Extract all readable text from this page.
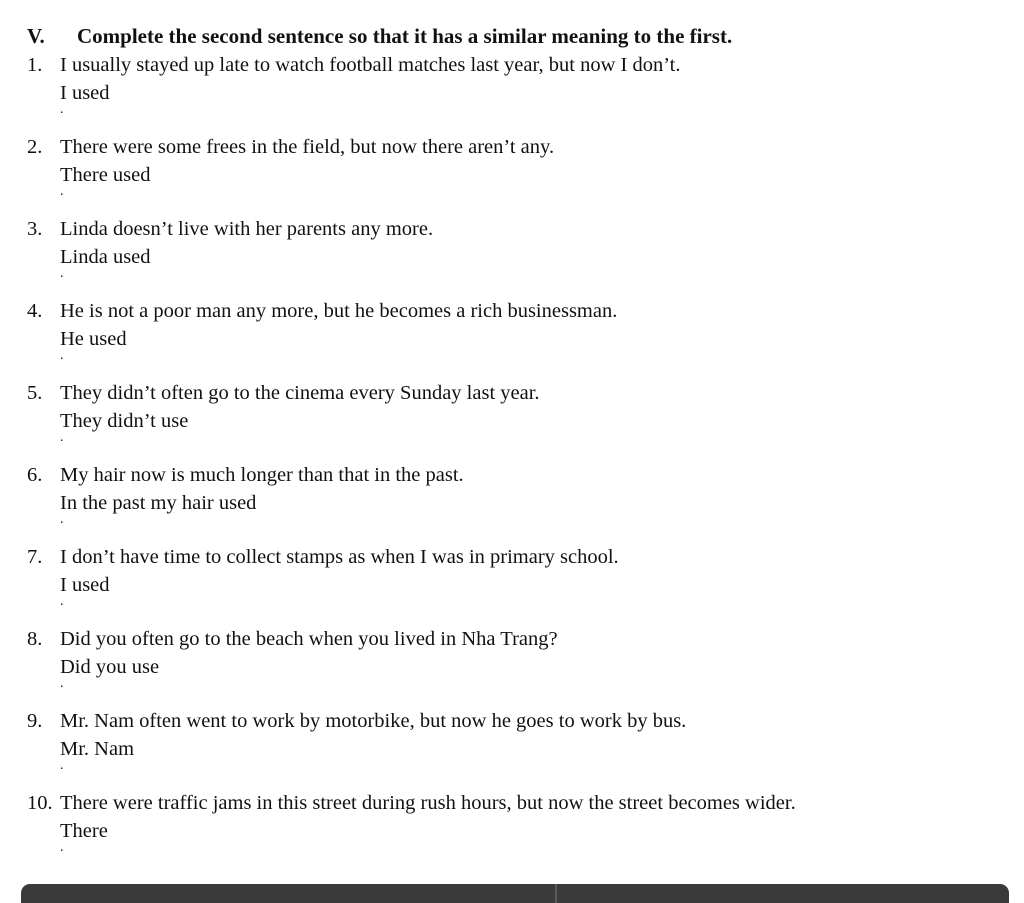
V. Complete the second sentence so that it has a similar meaning to the first.
1. I usually stayed up late to watch football matches last year, but now I don’t.
I used
.
2. There were some frees in the field, but now there aren’t any.
There used
.
3. Linda doesn’t live with her parents any more.
Linda used
.
4. He is not a poor man any more, but he becomes a rich businessman.
He used
.
5. They didn’t often go to the cinema every Sunday last year.
They didn’t use
.
6. My hair now is much longer than that in the past.
In the past my hair used
.
7. I don’t have time to collect stamps as when I was in primary school.
I used
.
8. Did you often go to the beach when you lived in Nha Trang?
Did you use
.
9. Mr. Nam often went to work by motorbike, but now he goes to work by bus.
Mr. Nam
.
10. There were traffic jams in this street during rush hours, but now the street becomes wider.
There
.
